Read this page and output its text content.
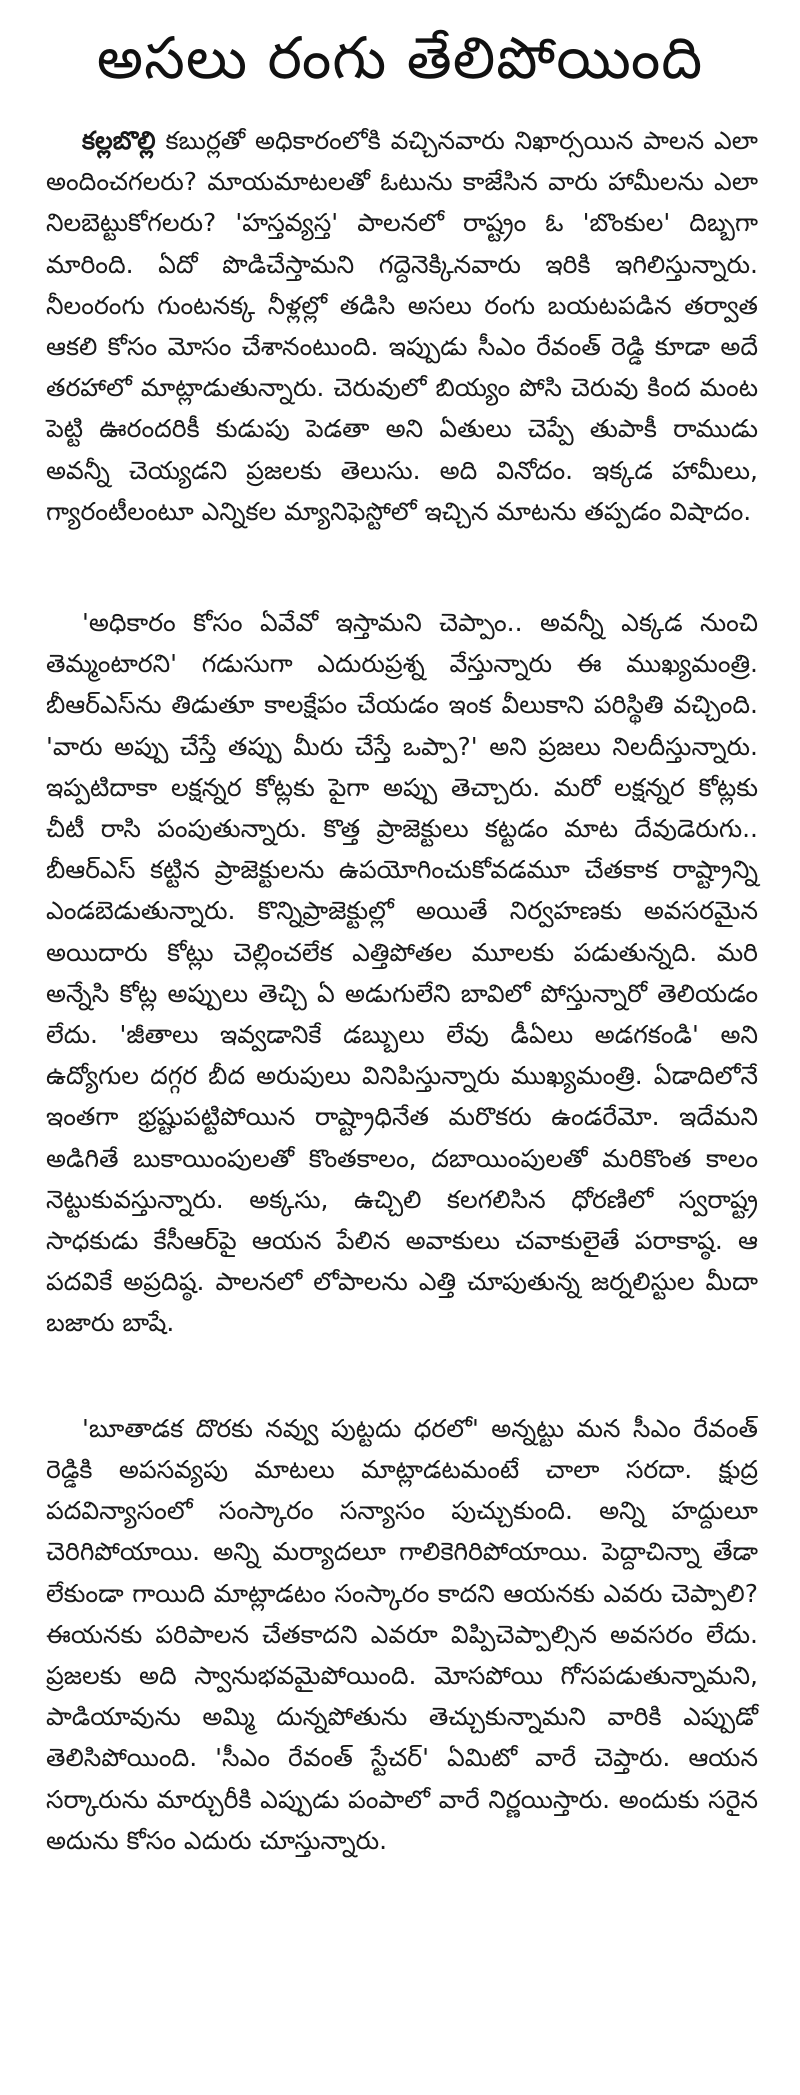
అసలు రంగు తేలిపోయింది

కల్లబొల్లి కబుర్లతో అధికారంలోకి వచ్చినవారు నిఖార్సయిన పాలన ఎలా అందించగలరు? మాయమాటలతో ఓటును కాజేసిన వారు హామీలను ఎలా నిలబెట్టుకోగలరు? 'హస్తవ్యస్త' పాలనలో రాష్ట్రం ఓ 'బొంకుల' దిబ్బగా మారింది. ఏదో పొడిచేస్తామని గద్దెనెక్కినవారు ఇరికి ఇగిలిస్తున్నారు. నీలంరంగు గుంటనక్క నీళ్లల్లో తడిసి అసలు రంగు బయటపడిన తర్వాత ఆకలి కోసం మోసం చేశానంటుంది. ఇప్పుడు సీఎం రేవంత్ రెడ్డి కూడా అదే తరహాలో మాట్లాడుతున్నారు. చెరువులో బియ్యం పోసి చెరువు కింద మంట పెట్టి ఊరందరికీ కుడుపు పెడతా అని ఏతులు చెప్పే తుపాకీ రాముడు అవన్నీ చెయ్యడని ప్రజలకు తెలుసు. అది వినోదం. ఇక్కడ హామీలు, గ్యారంటీలంటూ ఎన్నికల మ్యానిఫెస్టోలో ఇచ్చిన మాటను తప్పడం విషాదం.

'అధికారం కోసం ఏవేవో ఇస్తామని చెప్పాం.. అవన్నీ ఎక్కడ నుంచి తెమ్మంటారని' గడుసుగా ఎదురుప్రశ్న వేస్తున్నారు ఈ ముఖ్యమంత్రి. బీఆర్ఎస్‌ను తిడుతూ కాలక్షేపం చేయడం ఇంక వీలుకాని పరిస్థితి వచ్చింది. 'వారు అప్పు చేస్తే తప్పు మీరు చేస్తే ఒప్పా?' అని ప్రజలు నిలదీస్తున్నారు. ఇప్పటిదాకా లక్షన్నర కోట్లకు పైగా అప్పు తెచ్చారు. మరో లక్షన్నర కోట్లకు చీటీ రాసి పంపుతున్నారు. కొత్త ప్రాజెక్టులు కట్టడం మాట దేవుడెరుగు.. బీఆర్ఎస్ కట్టిన ప్రాజెక్టులను ఉపయోగించుకోవడమూ చేతకాక రాష్ట్రాన్ని ఎండబెడుతున్నారు. కొన్నిప్రాజెక్టుల్లో అయితే నిర్వహణకు అవసరమైన అయిదారు కోట్లు చెల్లించలేక ఎత్తిపోతల మూలకు పడుతున్నది. మరి అన్నేసి కోట్ల అప్పులు తెచ్చి ఏ అడుగులేని బావిలో పోస్తున్నారో తెలియడం లేదు. 'జీతాలు ఇవ్వడానికే డబ్బులు లేవు డీఏలు అడగకండి' అని ఉద్యోగుల దగ్గర బీద అరుపులు వినిపిస్తున్నారు ముఖ్యమంత్రి. ఏడాదిలోనే ఇంతగా భ్రష్టుపట్టిపోయిన రాష్ట్రాధినేత మరొకరు ఉండరేమో. ఇదేమని అడిగితే బుకాయింపులతో కొంతకాలం, దబాయింపులతో మరికొంత కాలం నెట్టుకువస్తున్నారు. అక్కసు, ఉచ్చిలి కలగలిసిన ధోరణిలో స్వరాష్ట్ర సాధకుడు కేసీఆర్‌పై ఆయన పేలిన అవాకులు చవాకులైతే పరాకాష్ఠ. ఆ పదవికే అప్రదిష్ఠ. పాలనలో లోపాలను ఎత్తి చూపుతున్న జర్నలిస్టుల మీదా బజారు బాషే.

'బూతాడక దొరకు నవ్వు పుట్టదు ధరలో' అన్నట్టు మన సీఎం రేవంత్ రెడ్డికి అపసవ్యపు మాటలు మాట్లాడటమంటే చాలా సరదా. క్షుద్ర పదవిన్యాసంలో సంస్కారం సన్యాసం పుచ్చుకుంది. అన్ని హద్దులూ చెరిగిపోయాయి. అన్ని మర్యాదలూ గాలికెగిరిపోయాయి. పెద్దాచిన్నా తేడా లేకుండా గాయిది మాట్లాడటం సంస్కారం కాదని ఆయనకు ఎవరు చెప్పాలి? ఈయనకు పరిపాలన చేతకాదని ఎవరూ విప్పిచెప్పాల్సిన అవసరం లేదు. ప్రజలకు అది స్వానుభవమైపోయింది. మోసపోయి గోసపడుతున్నామని, పాడియావును అమ్మి దున్నపోతును తెచ్చుకున్నామని వారికి ఎప్పుడో తెలిసిపోయింది. 'సీఎం రేవంత్ స్టేచర్' ఏమిటో వారే చెప్తారు. ఆయన సర్కారును మార్చురీకి ఎప్పుడు పంపాలో వారే నిర్ణయిస్తారు. అందుకు సరైన అదును కోసం ఎదురు చూస్తున్నారు.
